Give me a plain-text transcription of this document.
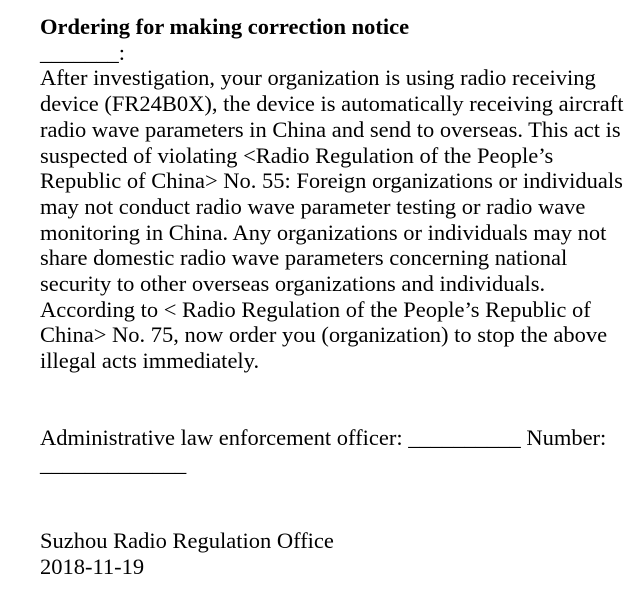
Ordering for making correction notice
_______:
After investigation, your organization is using radio receiving
device (FR24B0X), the device is automatically receiving aircraft
radio wave parameters in China and send to overseas. This act is
suspected of violating <Radio Regulation of the People’s
Republic of China> No. 55: Foreign organizations or individuals
may not conduct radio wave parameter testing or radio wave
monitoring in China. Any organizations or individuals may not
share domestic radio wave parameters concerning national
security to other overseas organizations and individuals.
According to < Radio Regulation of the People’s Republic of
China> No. 75, now order you (organization) to stop the above
illegal acts immediately.
Administrative law enforcement officer: __________ Number:
_____________
Suzhou Radio Regulation Office
2018-11-19
